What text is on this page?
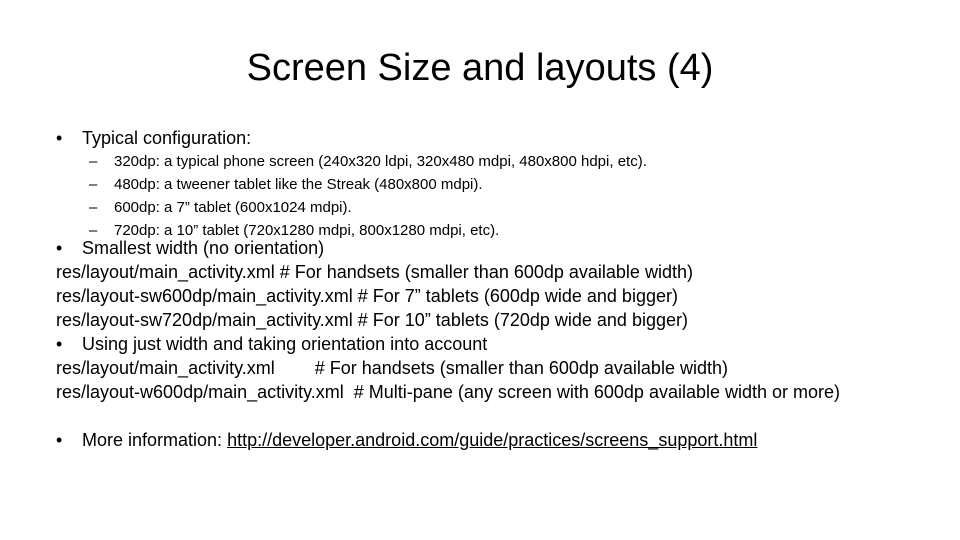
Screen Size and layouts (4)
• Typical configuration:
– 320dp: a typical phone screen (240x320 ldpi, 320x480 mdpi, 480x800 hdpi, etc).
– 480dp: a tweener tablet like the Streak (480x800 mdpi).
– 600dp: a 7” tablet (600x1024 mdpi).
– 720dp: a 10” tablet (720x1280 mdpi, 800x1280 mdpi, etc).
• Smallest width (no orientation)
res/layout/main_activity.xml # For handsets (smaller than 600dp available width)
res/layout-sw600dp/main_activity.xml # For 7” tablets (600dp wide and bigger)
res/layout-sw720dp/main_activity.xml # For 10” tablets (720dp wide and bigger)
• Using just width and taking orientation into account
res/layout/main_activity.xml        # For handsets (smaller than 600dp available width)
res/layout-w600dp/main_activity.xml  # Multi-pane (any screen with 600dp available width or more)
• More information: http://developer.android.com/guide/practices/screens_support.html
